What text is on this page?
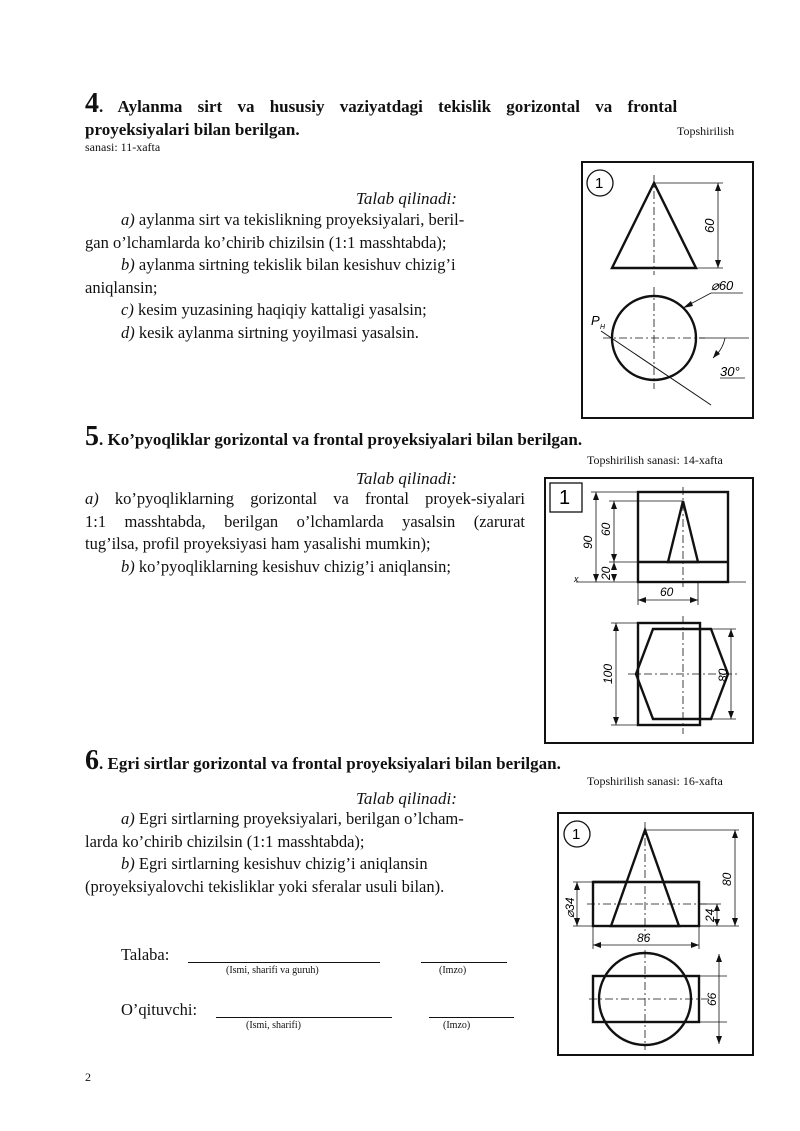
4. Aylanma sirt va hususiy vaziyatdagi tekislik gorizontal va frontal
proyeksiyalari bilan berilgan.	Topshirilish
sanasi: 11-xafta
Talab qilinadi:
a) aylanma sirt va tekislikning proyeksiyalari, beril-
gan o’lchamlarda ko’chirib chizilsin (1:1 masshtabda);
b) aylanma sirtning tekislik bilan kesishuv chizig’i
aniqlansin;
c) kesim yuzasining haqiqiy kattaligi yasalsin;
d) kesik aylanma sirtning yoyilmasi yasalsin.
1
60
⌀60
P H
30°
5. Ko’pyoqliklar gorizontal va frontal proyeksiyalari bilan berilgan.
Topshirilish sanasi: 14-xafta
Talab qilinadi:
a) ko’pyoqliklarning gorizontal va frontal proyek-siyalari
1:1 masshtabda, berilgan o’lchamlarda yasalsin (zarurat
tug’ilsa, profil proyeksiyasi ham yasalishi mumkin);
b) ko’pyoqliklarning kesishuv chizig’i aniqlansin;
1
x
90
60
20
60
100	80
6. Egri sirtlar gorizontal va frontal proyeksiyalari bilan berilgan.
Topshirilish sanasi: 16-xafta
Talab qilinadi:
a) Egri sirtlarning proyeksiyalari, berilgan o’lcham-
larda ko’chirib chizilsin (1:1 masshtabda);
b) Egri sirtlarning kesishuv chizig’i aniqlansin
(proyeksiyalovchi tekisliklar yoki sferalar usuli bilan).
1
80
24
⌀34
86
66
Talaba:
(Ismi, sharifi va guruh)	(Imzo)
O’qituvchi:
(Ismi, sharifi)	(Imzo)
2
